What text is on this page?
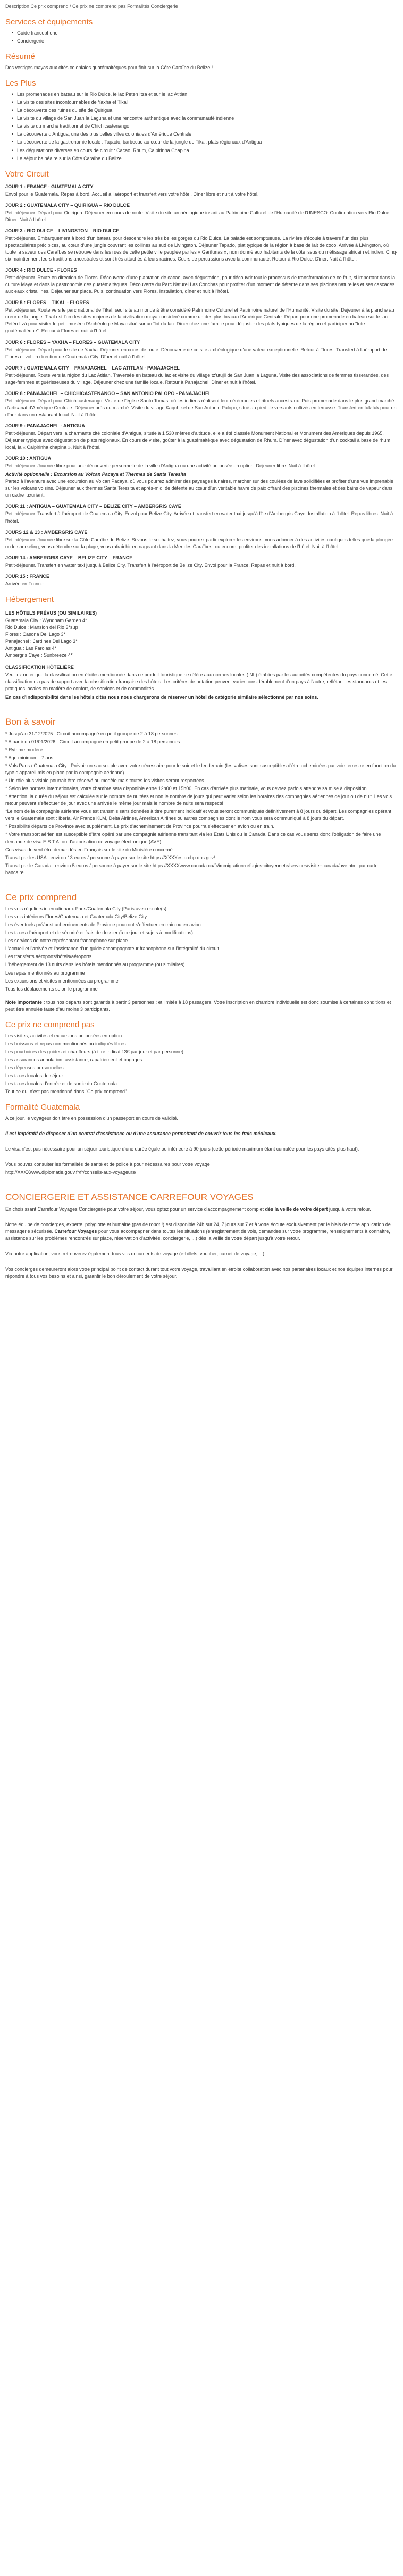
Description Ce prix comprend / Ce prix ne comprend pas Formalités Conciergerie
Services et équipements
• Guide francophone
• Conciergerie
Résumé

Des vestiges mayas aux cités coloniales guatémaltèques pour finir sur la Côte Caraïbe du Belize !

Les Plus
• Les promenades en bateau sur le Rio Dulce, le lac Peten Itza et sur le lac Atitlan
• La visite des sites incontournables de Yaxha et Tikal
• La découverte des ruines du site de Quirigua
• La visite du village de San Juan la Laguna et une rencontre authentique avec la communauté indienne
• La visite du marché traditionnel de Chichicastenango
• La découverte d'Antigua, une des plus belles villes coloniales d'Amérique Centrale
• La découverte de la gastronomie locale : Tapado, barbecue au cœur de la jungle de Tikal, plats régionaux d'Antigua
• Les dégustations diverses en cours de circuit : Cacao, Rhum, Caipirinha Chapina...
• Le séjour balnéaire sur la Côte Caraïbe du Belize
Votre Circuit
JOUR 1 : FRANCE - GUATEMALA CITY

Envol pour le Guatemala. Repas à bord. Accueil à l'aéroport et transfert vers votre hôtel. Dîner libre et nuit à votre hôtel.

JOUR 2 : GUATEMALA CITY – QUIRIGUA – RIO DULCE

Petit-déjeuner. Départ pour Quirigua. Déjeuner en cours de route. Visite du site archéologique inscrit au Patrimoine Culturel de l'Humanité de l'UNESCO. Continuation vers Rio Dulce. Dîner. Nuit à l'hôtel.

JOUR 3 : RIO DULCE – LIVINGSTON – RIO DULCE

Petit-déjeuner. Embarquement à bord d'un bateau pour descendre les très belles gorges du Rio Dulce. La balade est somptueuse. La rivière s'écoule à travers l'un des plus spectaculaires précipices, au cœur d'une jungle couvrant les collines au sud de Livingston. Déjeuner Tapado, plat typique de la région à base de lait de coco. Arrivée à Livingston, où toute la saveur des Caraïbes se retrouve dans les rues de cette petite ville peuplée par les « Garifunas », nom donné aux habitants de la côte issus du métissage africain et indien. Cinq-six maintiennent leurs traditions ancestrales et sont très attachés à leurs racines. Cours de percussions avec la communauté. Retour à Rio Dulce. Dîner. Nuit à l'hôtel.

JOUR 4 : RIO DULCE - FLORES

Petit-déjeuner. Route en direction de Flores. Découverte d'une plantation de cacao, avec dégustation, pour découvrir tout le processus de transformation de ce fruit, si important dans la culture Maya et dans la gastronomie des guatémaltèques. Découverte du Parc Naturel Las Conchas pour profiter d'un moment de détente dans ses piscines naturelles et ses cascades aux eaux cristallines. Déjeuner sur place. Puis, continuation vers Flores. Installation, dîner et nuit à l'hôtel.

JOUR 5 : FLORES – TIKAL - FLORES

Petit-déjeuner. Route vers le parc national de Tikal, seul site au monde à être considéré Patrimoine Culturel et Patrimoine naturel de l'Humanité. Visite du site. Déjeuner à la planche au cœur de la jungle. Tikal est l'un des sites majeurs de la civilisation maya considéré comme un des plus beaux d'Amérique Centrale. Départ pour une promenade en bateau sur le lac Petén Itzá pour visiter le petit musée d'Archéologie Maya situé sur un îlot du lac. Dîner chez une famille pour déguster des plats typiques de la région et participer au "tote guatémaltèque". Retour à Flores et nuit à l'hôtel.

JOUR 6 : FLORES – YAXHA – FLORES – GUATEMALA CITY

Petit-déjeuner. Départ pour le site de Yaxha. Déjeuner en cours de route. Découverte de ce site archéologique d'une valeur exceptionnelle. Retour à Flores. Transfert à l'aéroport de Flores et vol en direction de Guatemala City. Dîner et nuit à l'hôtel.

JOUR 7 : GUATEMALA CITY – PANAJACHEL – LAC ATITLAN - PANAJACHEL

Petit-déjeuner. Route vers la région du Lac Atitlan. Traversée en bateau du lac et visite du village tz'utujil de San Juan la Laguna. Visite des associations de femmes tisserandes, des sage-femmes et guérisseuses du village. Déjeuner chez une famille locale. Retour à Panajachel. Dîner et nuit à l'hôtel.

JOUR 8 : PANAJACHEL – CHICHICASTENANGO – SAN ANTONIO PALOPO - PANAJACHEL

Petit-déjeuner. Départ pour Chichicastenango. Visite de l'église Santo Tomas, où les indiens réalisent leur cérémonies et rituels ancestraux. Puis promenade dans le plus grand marché d'artisanat d'Amérique Centrale. Déjeuner près du marché. Visite du village Kaqchikel de San Antonio Palopo, situé au pied de versants cultivés en terrasse. Transfert en tuk-tuk pour un dîner dans un restaurant local. Nuit à l'hôtel.

JOUR 9 : PANAJACHEL - ANTIGUA

Petit-déjeuner. Départ vers la charmante cité coloniale d'Antigua, située à 1 530 mètres d'altitude, elle a été classée Monument National et Monument des Amériques depuis 1965. Déjeuner typique avec dégustation de plats régionaux. En cours de visite, goûter à la guatémaltèque avec dégustation de Rhum. Dîner avec dégustation d'un cocktail à base de rhum local, la « Caipirinha chapina ». Nuit à l'hôtel.

JOUR 10 : ANTIGUA

Petit-déjeuner. Journée libre pour une découverte personnelle de la ville d'Antigua ou une activité proposée en option. Déjeuner libre. Nuit à l'hôtel.

Activité optionnelle : Excursion au Volcan Pacaya et Thermes de Santa Teresita

Partez à l'aventure avec une excursion au Volcan Pacaya, où vous pourrez admirer des paysages lunaires, marcher sur des coulées de lave solidifiées et profiter d'une vue imprenable sur les volcans voisins. Déjeuner aux thermes Santa Teresita et après-midi de détente au cœur d'un véritable havre de paix offrant des piscines thermales et des bains de vapeur dans un cadre luxuriant.

JOUR 11 : ANTIGUA – GUATEMALA CITY – BELIZE CITY – AMBERGRIS CAYE

Petit-déjeuner. Transfert à l'aéroport de Guatemala City. Envol pour Belize City. Arrivée et transfert en water taxi jusqu'à l'île d'Ambergris Caye. Installation à l'hôtel. Repas libres. Nuit à l'hôtel.

JOURS 12 & 13 : AMBERGRIS CAYE

Petit-déjeuner. Journée libre sur la Côte Caraïbe du Belize. Si vous le souhaitez, vous pourrez partir explorer les environs, vous adonner à des activités nautiques telles que la plongée ou le snorkeling, vous détendre sur la plage, vous rafraîchir en nageant dans la Mer des Caraïbes, ou encore, profiter des installations de l'hôtel. Nuit à l'hôtel.

JOUR 14 : AMBERGRIS CAYE – BELIZE CITY – FRANCE

Petit-déjeuner. Transfert en water taxi jusqu'à Belize City. Transfert à l'aéroport de Belize City. Envol pour la France. Repas et nuit à bord.

JOUR 15 : FRANCE

Arrivée en France.

Hébergement
LES HÔTELS PRÉVUS (OU SIMILAIRES)

Guatemala City : Wyndham Garden 4*

Rio Dulce : Mansion del Rio 3*sup

Flores : Casona Del Lago 3*

Panajachel : Jardines Del Lago 3*

Antigua : Las Farolas 4*

Ambergris Caye : Sunbreeze 4*

CLASSIFICATION HÔTELIÈRE

Veuillez noter que la classification en étoiles mentionnée dans ce produit touristique se réfère aux normes locales ( NL) établies par les autorités compétentes du pays concerné. Cette classification n'a pas de rapport avec la classification française des hôtels. Les critères de notation peuvent varier considérablement d'un pays à l'autre, reflétant les standards et les pratiques locales en matière de confort, de services et de commodités.

En cas d'indisponibilité dans les hôtels cités nous nous chargerons de réserver un hôtel de catégorie similaire sélectionné par nos soins.

Bon à savoir

* Jusqu'au 31/12/2025 : Circuit accompagné en petit groupe de 2 à 18 personnes

* A partir du 01/01/2026 : Circuit accompagné en petit groupe de 2 à 18 personnes

* Rythme modéré

* Age minimum : 7 ans

* Vols Paris / Guatemala City : Prévoir un sac souple avec votre nécessaire pour le soir et le lendemain (les valises sont susceptibles d'être acheminées par voie terrestre en fonction du type d'appareil mis en place par la compagnie aérienne).

* Un rôle plus visible pourrait être réservé au modèle mais toutes les visites seront respectées.

* Selon les normes internationales, votre chambre sera disponible entre 12h00 et 15h00. En cas d'arrivée plus matinale, vous devrez parfois attendre sa mise à disposition.

* Attention, la durée du séjour est calculée sur le nombre de nuitées et non le nombre de jours qui peut varier selon les horaires des compagnies aériennes de jour ou de nuit. Les vols retour peuvent s'effectuer de jour avec une arrivée le même jour mais le nombre de nuits sera respecté.

*Le nom de la compagnie aérienne vous est transmis sans données à titre purement indicatif et vous seront communiqués définitivement à 8 jours du départ. Les compagnies opérant vers le Guatemala sont : Iberia, Air France KLM, Delta Airlines, American Airlines ou autres compagnies dont le nom vous sera communiqué à 8 jours du départ.

* Possibilité départs de Province avec supplément. Le prix d'acheminement de Province pourra s'effectuer en avion ou en train.

* Votre transport aérien est susceptible d'être opéré par une compagnie aérienne transitant via les Etats Unis ou le Canada. Dans ce cas vous serez donc l'obligation de faire une demande de visa E.S.T.A. ou d'autorisation de voyage électronique (AVE).

Ces visas doivent être demandés en Français sur le site du Ministère concerné :

Transit par les USA : environ 13 euros / personne à payer sur le site https://XXXXesta.cbp.dhs.gov/

Transit par le Canada : environ 5 euros / personne à payer sur le site https://XXXXwww.canada.ca/fr/immigration-refugies-citoyennete/services/visiter-canada/ave.html par carte bancaire.

Ce prix comprend

Les vols réguliers internationaux Paris/Guatemala City (Paris avec escale(s)

Les vols intérieurs Flores/Guatemala et Guatemala City/Belize City

Les éventuels pré/post acheminements de Province pourront s'effectuer en train ou en avion

Les taxes d'aéroport et de sécurité et frais de dossier (à ce jour et sujets à modifications)

Les services de notre représentant francophone sur place

L'accueil et l'arrivée et l'assistance d'un guide accompagnateur francophone sur l'intégralité du circuit

Les transferts aéroports/hôtels/aéroports

L'hébergement de 13 nuits dans les hôtels mentionnés au programme (ou similaires)

Les repas mentionnés au programme

Les excursions et visites mentionnées au programme

Tous les déplacements selon le programme

Note importante : tous nos départs sont garantis à partir 3 personnes ; et limités à 18 passagers. Votre inscription en chambre individuelle est donc soumise à certaines conditions et peut être annulée faute d'au moins 3 participants.

Ce prix ne comprend pas

Les visites, activités et excursions proposées en option

Les boissons et repas non mentionnés ou indiqués libres

Les pourboires des guides et chauffeurs (à titre indicatif 3€ par jour et par personne)

Les assurances annulation, assistance, rapatriement et bagages

Les dépenses personnelles

Les taxes locales de séjour

Les taxes locales d'entrée et de sortie du Guatemala

Tout ce qui n'est pas mentionné dans "Ce prix comprend"

Formalité Guatemala

A ce jour, le voyageur doit être en possession d'un passeport en cours de validité.

Il est impératif de disposer d'un contrat d'assistance ou d'une assurance permettant de couvrir tous les frais médicaux.

Le visa n'est pas nécessaire pour un séjour touristique d'une durée égale ou inférieure à 90 jours (cette période maximum étant cumulée pour les pays cités plus haut).

Vous pouvez consulter les formalités de santé et de police à pour nécessaires pour votre voyage :

http://XXXXwww.diplomatie.gouv.fr/fr/conseils-aux-voyageurs/

CONCIERGERIE ET ASSISTANCE CARREFOUR VOYAGES

En choisissant Carrefour Voyages Conciergerie pour votre séjour, vous optez pour un service d'accompagnement complet dès la veille de votre départ jusqu'à votre retour.

Notre équipe de concierges, experte, polyglotte et humaine (pas de robot !) est disponible 24h sur 24, 7 jours sur 7 et à votre écoute exclusivement par le biais de notre application de messagerie sécurisée. Carrefour Voyages pour vous accompagner dans toutes les situations (enregistrement de vols, demandes sur votre programme, renseignements à connaître, assistance sur les problèmes rencontrés sur place, réservation d'activités, conciergerie, ...) dès la veille de votre départ jusqu'à votre retour.

Via notre application, vous retrouverez également tous vos documents de voyage (e-billets, voucher, carnet de voyage, ...)

Vos concierges demeureront alors votre principal point de contact durant tout votre voyage, travaillant en étroite collaboration avec nos partenaires locaux et nos équipes internes pour répondre à tous vos besoins et ainsi, garantir le bon déroulement de votre séjour.
